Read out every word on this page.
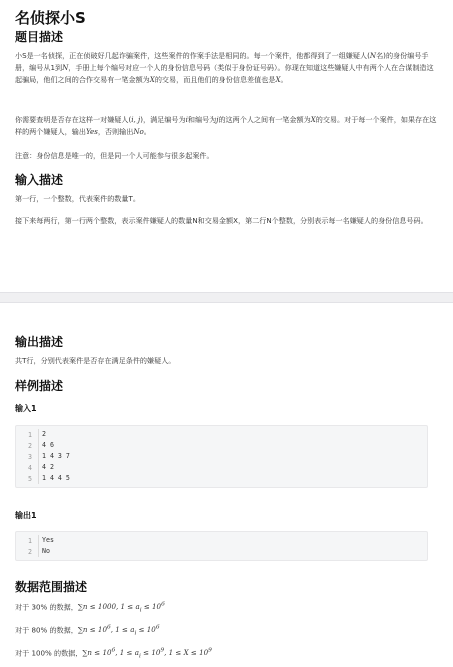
名侦探小S
题目描述

小S是一名侦探，正在侦破好几起诈骗案件，这些案件的作案手法是相同的。每一个案件，他都得到了一组嫌疑人(N名)的身份编号手册，编号从1到N，手册上每个编号对应一个人的身份信息号码（类似于身份证号码）。你现在知道这些嫌疑人中有两个人在合谋制造这起骗局，他们之间的合作交易有一笔金额为X的交易，而且他们的身份信息差值也是X。

你需要查明是否存在这样一对嫌疑人(i, j)，满足编号为i和编号为j的这两个人之间有一笔金额为X的交易。对于每一个案件，如果存在这样的两个嫌疑人，输出Yes，否则输出No。

注意：身份信息是唯一的，但是同一个人可能参与很多起案件。

输入描述

第一行，一个整数，代表案件的数量T。

接下来每两行，第一行两个整数，表示案件嫌疑人的数量N和交易金额X，第二行N个整数，分别表示每一名嫌疑人的身份信息号码。

输出描述

共T行，分别代表案件是否存在满足条件的嫌疑人。

样例描述
输入1
1	2
2	4 6
3	1 4 3 7
4	4 2
5	1 4 4 5
输出1
1	Yes
2	No
数据范围描述

对于 30% 的数据，∑n ≤ 1000, $1 \le a_i \le 10^6$

对于 80% 的数据，$\sum n \le 10^6$, $1 \le a_i \le 10^6$

对于 100% 的数据，$\sum n \le 10^6$, $1 \le a_i \le 10^9$, $1 \le X \le 10^9$
